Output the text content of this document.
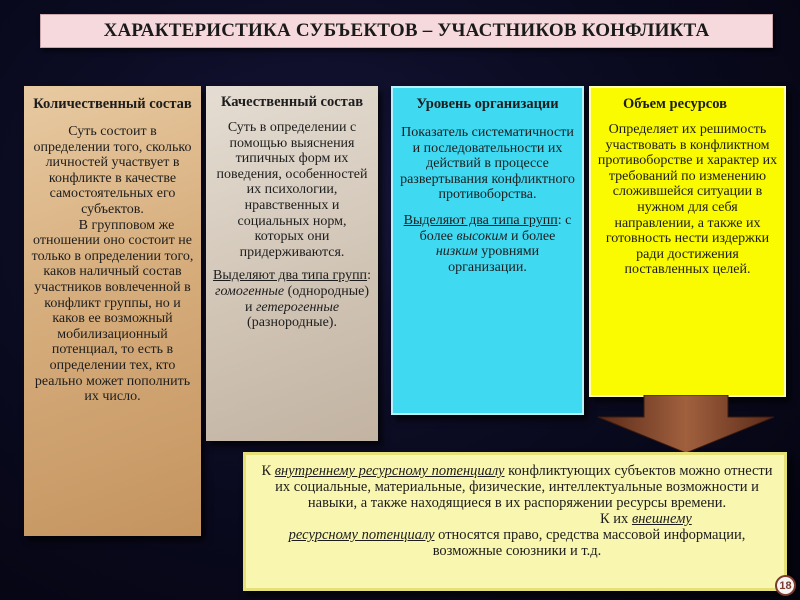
ХАРАКТЕРИСТИКА СУБЪЕКТОВ – УЧАСТНИКОВ КОНФЛИКТА
Количественный состав

Суть состоит в определении того, сколько личностей участвует в конфликте в качестве самостоятельных его субъектов.

В групповом же отношении оно состоит не только в определении того, каков наличный состав участников вовлеченной в конфликт группы, но и каков ее возможный мобилизационный потенциал, то есть в определении тех, кто реально может пополнить их число.

Качественный состав

Суть в определении с помощью выяснения типичных форм их поведения, особенностей их психологии, нравственных и социальных норм, которых они придерживаются.

Выделяют два типа групп: гомогенные (однородные) и гетерогенные (разнородные).

Уровень организации

Показатель систематичности и последовательности их действий в процессе развертывания конфликтного противоборства.

Выделяют два типа групп: с более высоким и более низким уровнями организации.

Объем ресурсов

Определяет их решимость участвовать в конфликтном противоборстве и характер их требований по изменению сложившейся ситуации в нужном для себя направлении, а также их готовность нести издержки ради достижения поставленных целей.

К внутреннему ресурсному потенциалу конфликтующих субъектов можно отнести их социальные, материальные, физические, интеллектуальные возможности и навыки, а также находящиеся в их распоряжении ресурсы времени.
К их внешнему
ресурсному потенциалу относятся право, средства массовой информации, возможные союзники и т.д.
18
